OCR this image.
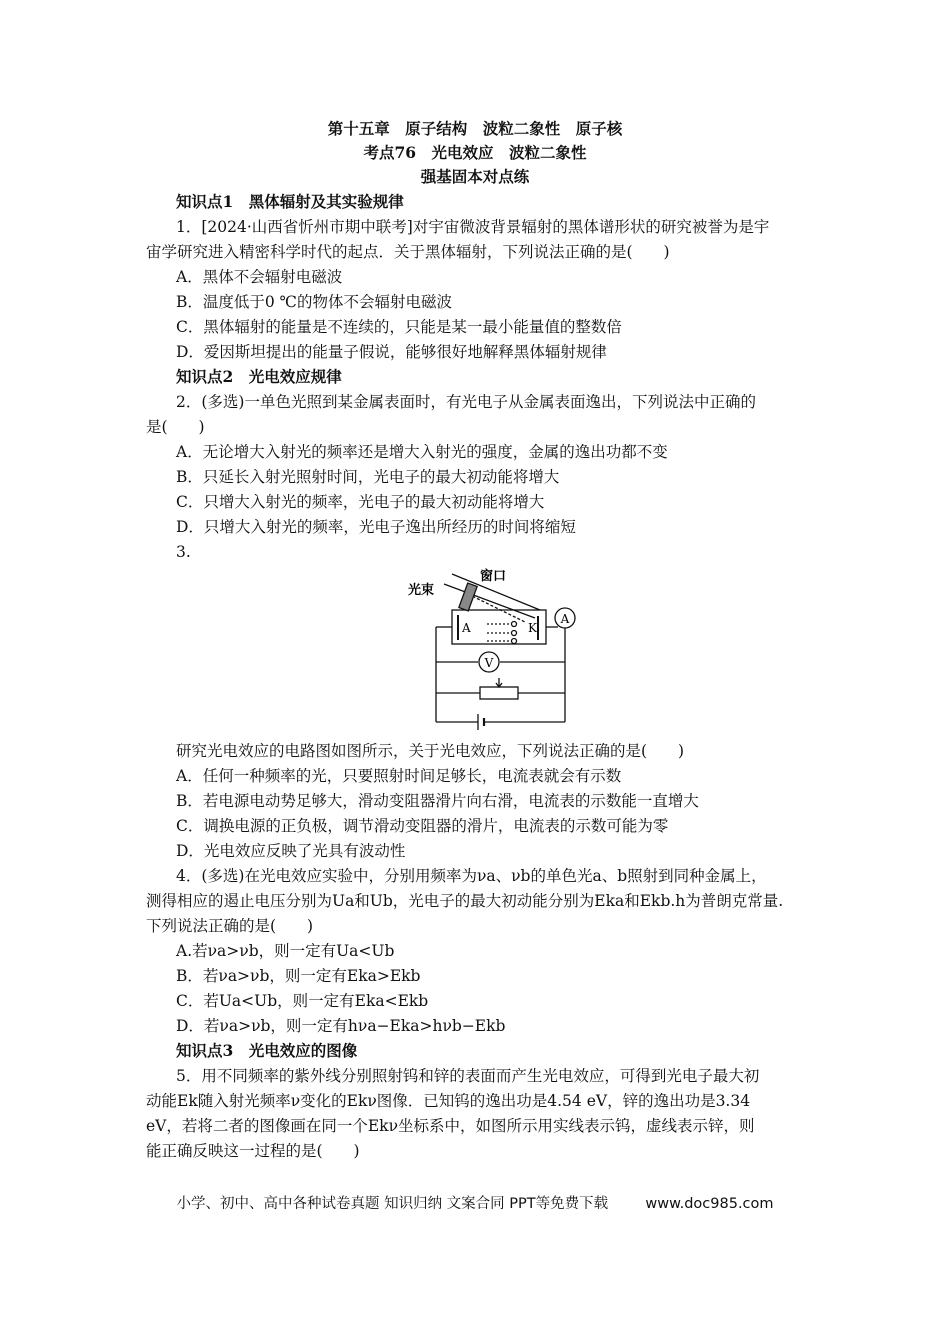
第十五章　原子结构　波粒二象性　原子核
考点76　光电效应　波粒二象性
强基固本对点练
知识点1　黑体辐射及其实验规律
1．[2024·山西省忻州市期中联考]对宇宙微波背景辐射的黑体谱形状的研究被誉为是宇
宙学研究进入精密科学时代的起点．关于黑体辐射，下列说法正确的是(　　)
A．黑体不会辐射电磁波
B．温度低于0 ℃的物体不会辐射电磁波
C．黑体辐射的能量是不连续的，只能是某一最小能量值的整数倍
D．爱因斯坦提出的能量子假说，能够很好地解释黑体辐射规律
知识点2　光电效应规律
2．(多选)一单色光照到某金属表面时，有光电子从金属表面逸出，下列说法中正确的
是(　　)
A．无论增大入射光的频率还是增大入射光的强度，金属的逸出功都不变
B．只延长入射光照射时间，光电子的最大初动能将增大
C．只增大入射光的频率，光电子的最大初动能将增大
D．只增大入射光的频率，光电子逸出所经历的时间将缩短
3.
A
V
A	K
光束
窗口
研究光电效应的电路图如图所示，关于光电效应，下列说法正确的是(　　)
A．任何一种频率的光，只要照射时间足够长，电流表就会有示数
B．若电源电动势足够大，滑动变阻器滑片向右滑，电流表的示数能一直增大
C．调换电源的正负极，调节滑动变阻器的滑片，电流表的示数可能为零
D．光电效应反映了光具有波动性
4．(多选)在光电效应实验中，分别用频率为νa、νb的单色光a、b照射到同种金属上，
测得相应的遏止电压分别为Ua和Ub，光电子的最大初动能分别为Eka和Ekb.h为普朗克常量.
下列说法正确的是(　　)
A.若νa>νb，则一定有Ua<Ub
B．若νa>νb，则一定有Eka>Ekb
C．若Ua<Ub，则一定有Eka<Ekb
D．若νa>νb，则一定有hνa−Eka>hνb−Ekb
知识点3　光电效应的图像
5．用不同频率的紫外线分别照射钨和锌的表面而产生光电效应，可得到光电子最大初
动能Ek随入射光频率ν变化的Ekν图像．已知钨的逸出功是4.54 eV，锌的逸出功是3.34
eV，若将二者的图像画在同一个Ekν坐标系中，如图所示用实线表示钨，虚线表示锌，则
能正确反映这一过程的是(　　)
小学、初中、高中各种试卷真题 知识归纳 文案合同 PPT等免费下载	www.doc985.com
